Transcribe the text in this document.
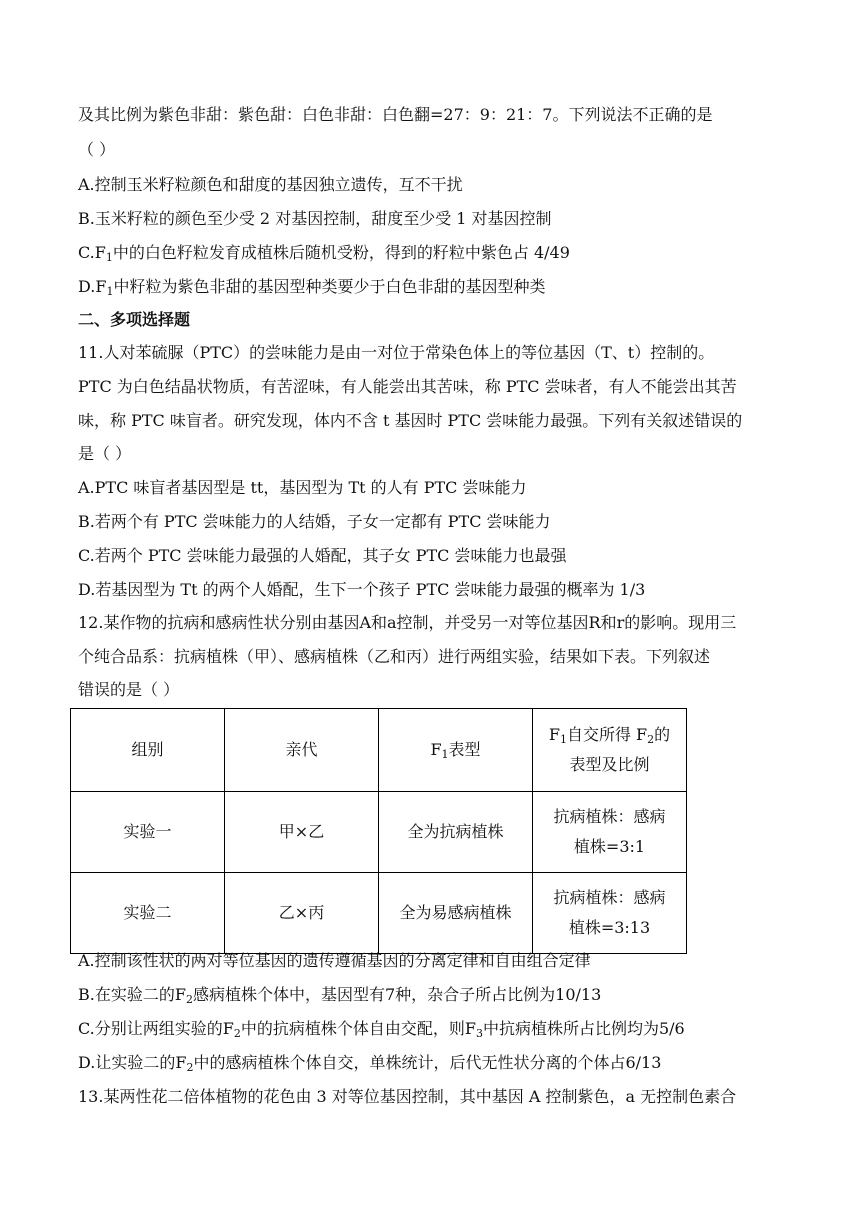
及其比例为紫色非甜：紫色甜：白色非甜：白色翻=27：9：21：7。下列说法不正确的是
（ ）
A.控制玉米籽粒颜色和甜度的基因独立遗传，互不干扰
B.玉米籽粒的颜色至少受 2 对基因控制，甜度至少受 1 对基因控制
$C.F_1$中的白色籽粒发育成植株后随机受粉，得到的籽粒中紫色占 4/49
$D.F_1$中籽粒为紫色非甜的基因型种类要少于白色非甜的基因型种类
二、多项选择题
11.人对苯硫脲（PTC）的尝味能力是由一对位于常染色体上的等位基因（T、t）控制的。
PTC 为白色结晶状物质，有苦涩味，有人能尝出其苦味，称 PTC 尝味者，有人不能尝出其苦
味，称 PTC 味盲者。研究发现，体内不含 t 基因时 PTC 尝味能力最强。下列有关叙述错误的
是（ ）
A.PTC 味盲者基因型是 tt，基因型为 Tt 的人有 PTC 尝味能力
B.若两个有 PTC 尝味能力的人结婚，子女一定都有 PTC 尝味能力
C.若两个 PTC 尝味能力最强的人婚配，其子女 PTC 尝味能力也最强
D.若基因型为 Tt 的两个人婚配，生下一个孩子 PTC 尝味能力最强的概率为 1/3
12.某作物的抗病和感病性状分别由基因A和a控制，并受另一对等位基因R和r的影响。现用三
个纯合品系：抗病植株（甲）、感病植株（乙和丙）进行两组实验，结果如下表。下列叙述
错误的是（ ）
组别	亲代	$F_1$表型	$F_1$自交所得 $F_2$的
表型及比例
实验一	甲×乙	全为抗病植株	抗病植株：感病
植株=3:1
实验二	乙×丙	全为易感病植株	抗病植株：感病
植株=3:13
A.控制该性状的两对等位基因的遗传遵循基因的分离定律和自由组合定律
B.在实验二的$F_2$感病植株个体中，基因型有7种，杂合子所占比例为10/13
C.分别让两组实验的$F_2$中的抗病植株个体自由交配，则$F_3$中抗病植株所占比例均为5/6
D.让实验二的$F_2$中的感病植株个体自交，单株统计，后代无性状分离的个体占6/13
13.某两性花二倍体植物的花色由 3 对等位基因控制，其中基因 A 控制紫色，a 无控制色素合
